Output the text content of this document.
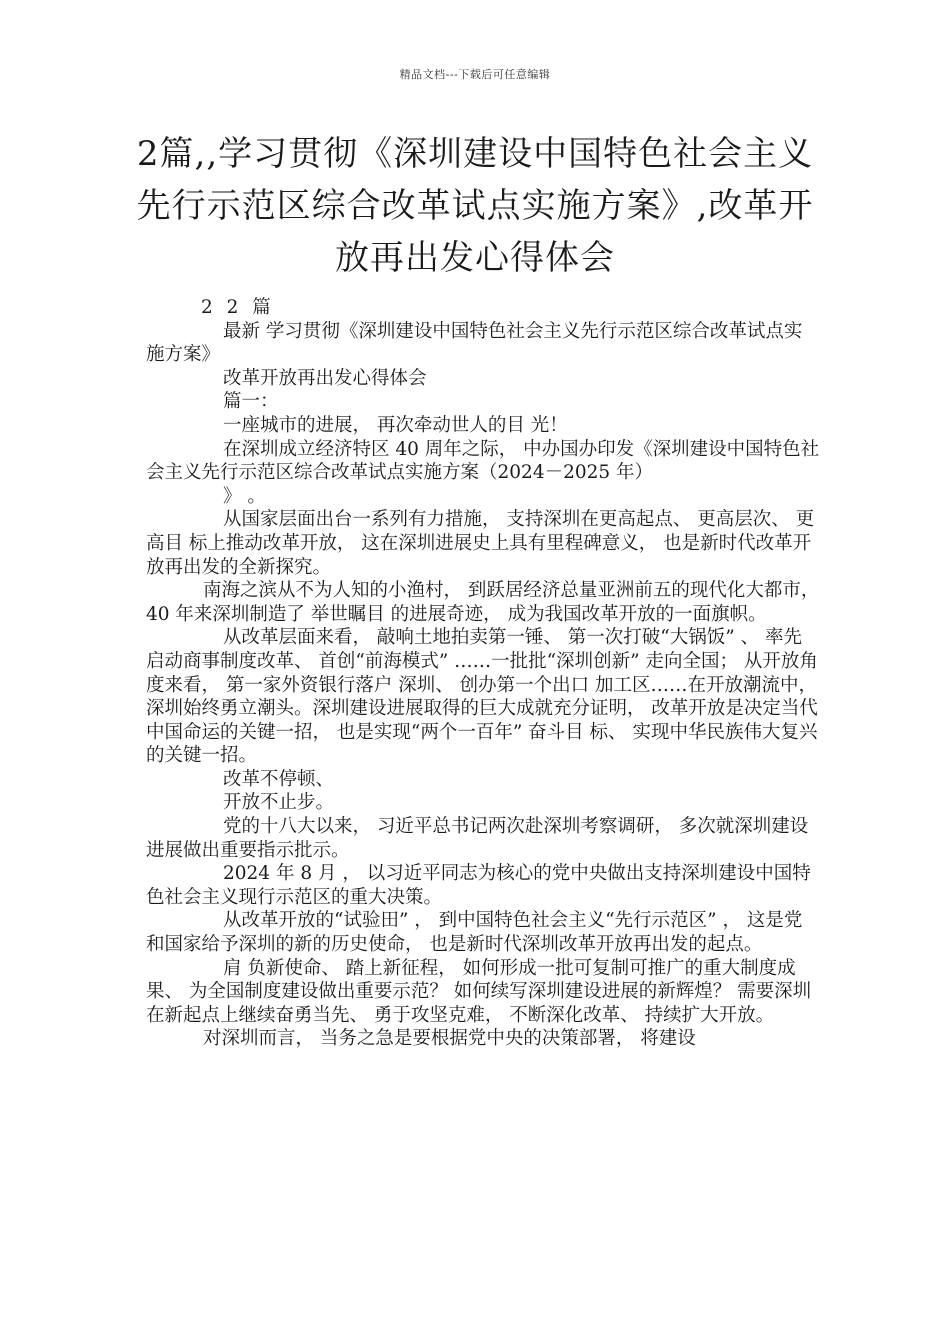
精品文档---下载后可任意编辑
2篇,,学习贯彻《深圳建设中国特色社会主义先行示范区综合改革试点实施方案》,改革开放再出发心得体会

2 2 篇

最新 学习贯彻《深圳建设中国特色社会主义先行示范区综合改革试点实施方案》

改革开放再出发心得体会

篇一：

一座城市的进展， 再次牵动世人的目 光！

在深圳成立经济特区 40 周年之际， 中办国办印发《深圳建设中国特色社会主义先行示范区综合改革试点实施方案（2024－2025 年）

》 。

从国家层面出台一系列有力措施， 支持深圳在更高起点、 更高层次、 更高目 标上推动改革开放， 这在深圳进展史上具有里程碑意义， 也是新时代改革开放再出发的全新探究。

南海之滨从不为人知的小渔村， 到跃居经济总量亚洲前五的现代化大都市， 40 年来深圳制造了 举世瞩目 的进展奇迹， 成为我国改革开放的一面旗帜。

从改革层面来看， 敲响土地拍卖第一锤、 第一次打破“大锅饭” 、 率先启动商事制度改革、 首创“前海模式” ……一批批“深圳创新” 走向全国； 从开放角度来看， 第一家外资银行落户 深圳、 创办第一个出口 加工区……在开放潮流中， 深圳始终勇立潮头。深圳建设进展取得的巨大成就充分证明， 改革开放是决定当代中国命运的关键一招， 也是实现“两个一百年” 奋斗目 标、 实现中华民族伟大复兴的关键一招。

改革不停顿、

开放不止步。

党的十八大以来， 习近平总书记两次赴深圳考察调研， 多次就深圳建设进展做出重要指示批示。

2024 年 8 月 ， 以习近平同志为核心的党中央做出支持深圳建设中国特色社会主义现行示范区的重大决策。

从改革开放的“试验田” ， 到中国特色社会主义“先行示范区” ， 这是党和国家给予深圳的新的历史使命， 也是新时代深圳改革开放再出发的起点。

肩 负新使命、 踏上新征程， 如何形成一批可复制可推广的重大制度成果、 为全国制度建设做出重要示范？ 如何续写深圳建设进展的新辉煌？ 需要深圳在新起点上继续奋勇当先、 勇于攻坚克难， 不断深化改革、 持续扩大开放。

对深圳而言， 当务之急是要根据党中央的决策部署， 将建设
